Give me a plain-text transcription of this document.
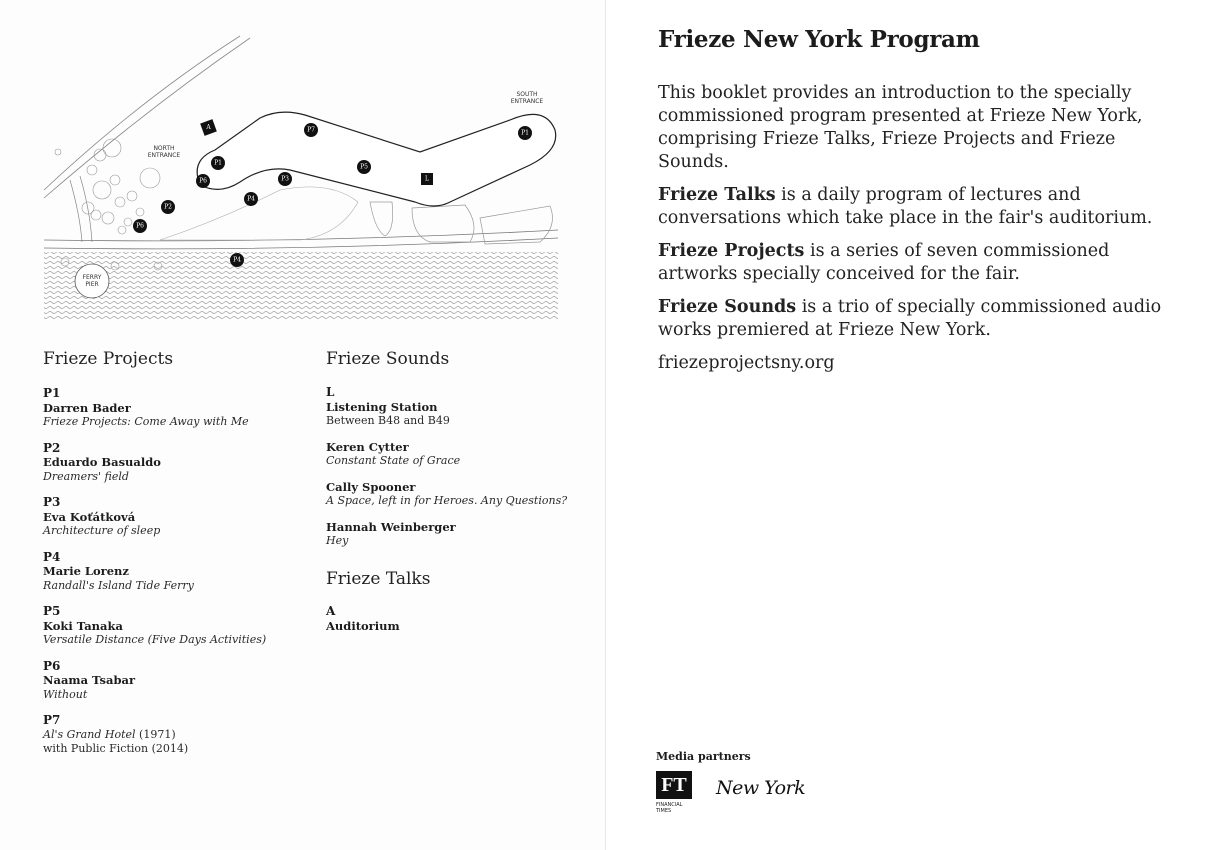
FERRY
PIER
SOUTH
ENTRANCE
NORTH
ENTRANCE
A
L
P7	P1
P1
P5
P6	P3
P4
P2
P6
P4
Frieze Projects
P1
Darren Bader
Frieze Projects: Come Away with Me
P2
Eduardo Basualdo
Dreamers' field
P3
Eva Koťátková
Architecture of sleep
P4
Marie Lorenz
Randall's Island Tide Ferry
P5
Koki Tanaka
Versatile Distance (Five Days Activities)
P6
Naama Tsabar
Without
P7
Al's Grand Hotel (1971)
with Public Fiction (2014)
Frieze Sounds
L
Listening Station
Between B48 and B49
Keren Cytter
Constant State of Grace
Cally Spooner
A Space, left in for Heroes. Any Questions?
Hannah Weinberger
Hey
Frieze Talks
A
Auditorium
Frieze New York Program

This booklet provides an introduction to the specially commissioned program presented at Frieze New York, comprising Frieze Talks, Frieze Projects and Frieze Sounds.

Frieze Talks is a daily program of lectures and conversations which take place in the fair's auditorium.

Frieze Projects is a series of seven commissioned artworks specially conceived for the fair.

Frieze Sounds is a trio of specially commissioned audio works premiered at Frieze New York.

friezeprojectsny.org

Media partners

FT
FINANCIAL
TIMES
New York
